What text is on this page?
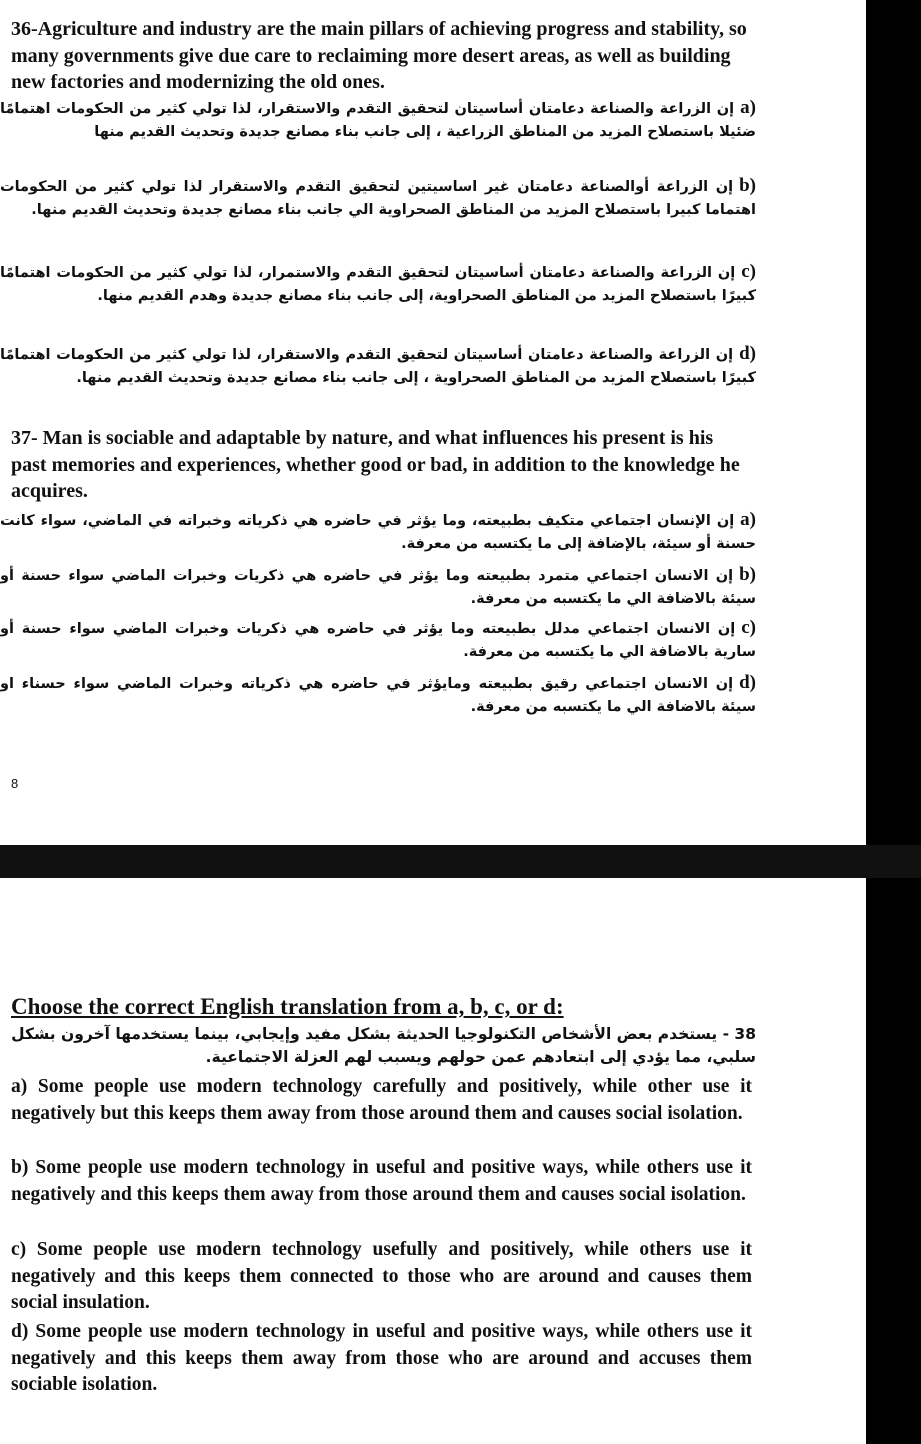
36-Agriculture and industry are the main pillars of achieving progress and stability, so many governments give due care to reclaiming more desert areas, as well as building new factories and modernizing the old ones.

(aإن الزراعة والصناعة دعامتان أساسيتان لتحقيق التقدم والاستقرار، لذا تولي كثير من الحكومات اهتمامًا ضئيلا باستصلاح المزيد من المناطق الزراعية ، إلى جانب بناء مصانع جديدة وتحديث القديم منها
(bإن الزراعة أوالصناعة دعامتان غير اساسيتين لتحقيق التقدم والاستقرار لذا تولي كثير من الحكومات اهتماما كبيرا باستصلاح المزيد من المناطق الصحراوية الي جانب بناء مصانع جديدة وتحديث القديم منها.
(cإن الزراعة والصناعة دعامتان أساسيتان لتحقيق التقدم والاستمرار، لذا تولي كثير من الحكومات اهتمامًا كبيرًا باستصلاح المزيد من المناطق الصحراوية، إلى جانب بناء مصانع جديدة وهدم القديم منها.
(dإن الزراعة والصناعة دعامتان أساسيتان لتحقيق التقدم والاستقرار، لذا تولي كثير من الحكومات اهتمامًا كبيرًا باستصلاح المزيد من المناطق الصحراوية ، إلى جانب بناء مصانع جديدة وتحديث القديم منها.

37- Man is sociable and adaptable by nature, and what influences his present is his past memories and experiences, whether good or bad, in addition to the knowledge he acquires.

(aإن الإنسان اجتماعي متكيف بطبيعته، وما يؤثر في حاضره هي ذكرياته وخبراته في الماضي، سواء كانت حسنة أو سيئة، بالإضافة إلى ما يكتسبه من معرفة.
(bإن الانسان اجتماعي متمرد بطبيعته وما يؤثر في حاضره هي ذكريات وخبرات الماضي سواء حسنة أو سيئة بالاضافة الي ما يكتسبه من معرفة.
(cإن الانسان اجتماعي مدلل بطبيعته وما يؤثر في حاضره هي ذكريات وخبرات الماضي سواء حسنة أو سارية بالاضافة الي ما يكتسبه من معرفة.
(dإن الانسان اجتماعي رقيق بطبيعته ومايؤثر في حاضره هي ذكرياته وخبرات الماضي سواء حسناء او سيئة بالاضافة الي ما يكتسبه من معرفة.

8

Choose the correct English translation from a, b, c, or d:

38 - يستخدم بعض الأشخاص التكنولوجيا الحديثة بشكل مفيد وإيجابي، بينما يستخدمها آخرون بشكل سلبي، مما يؤدي إلى ابتعادهم عمن حولهم ويسبب لهم العزلة الاجتماعية.

a) Some people use modern technology carefully and positively, while other use it negatively but this keeps them away from those around them and causes social isolation.

b) Some people use modern technology in useful and positive ways, while others use it negatively and this keeps them away from those around them and causes social isolation.

c) Some people use modern technology usefully and positively, while others use it negatively and this keeps them connected to those who are around and causes them social insulation.

d) Some people use modern technology in useful and positive ways, while others use it negatively and this keeps them away from those who are around and accuses them sociable isolation.
